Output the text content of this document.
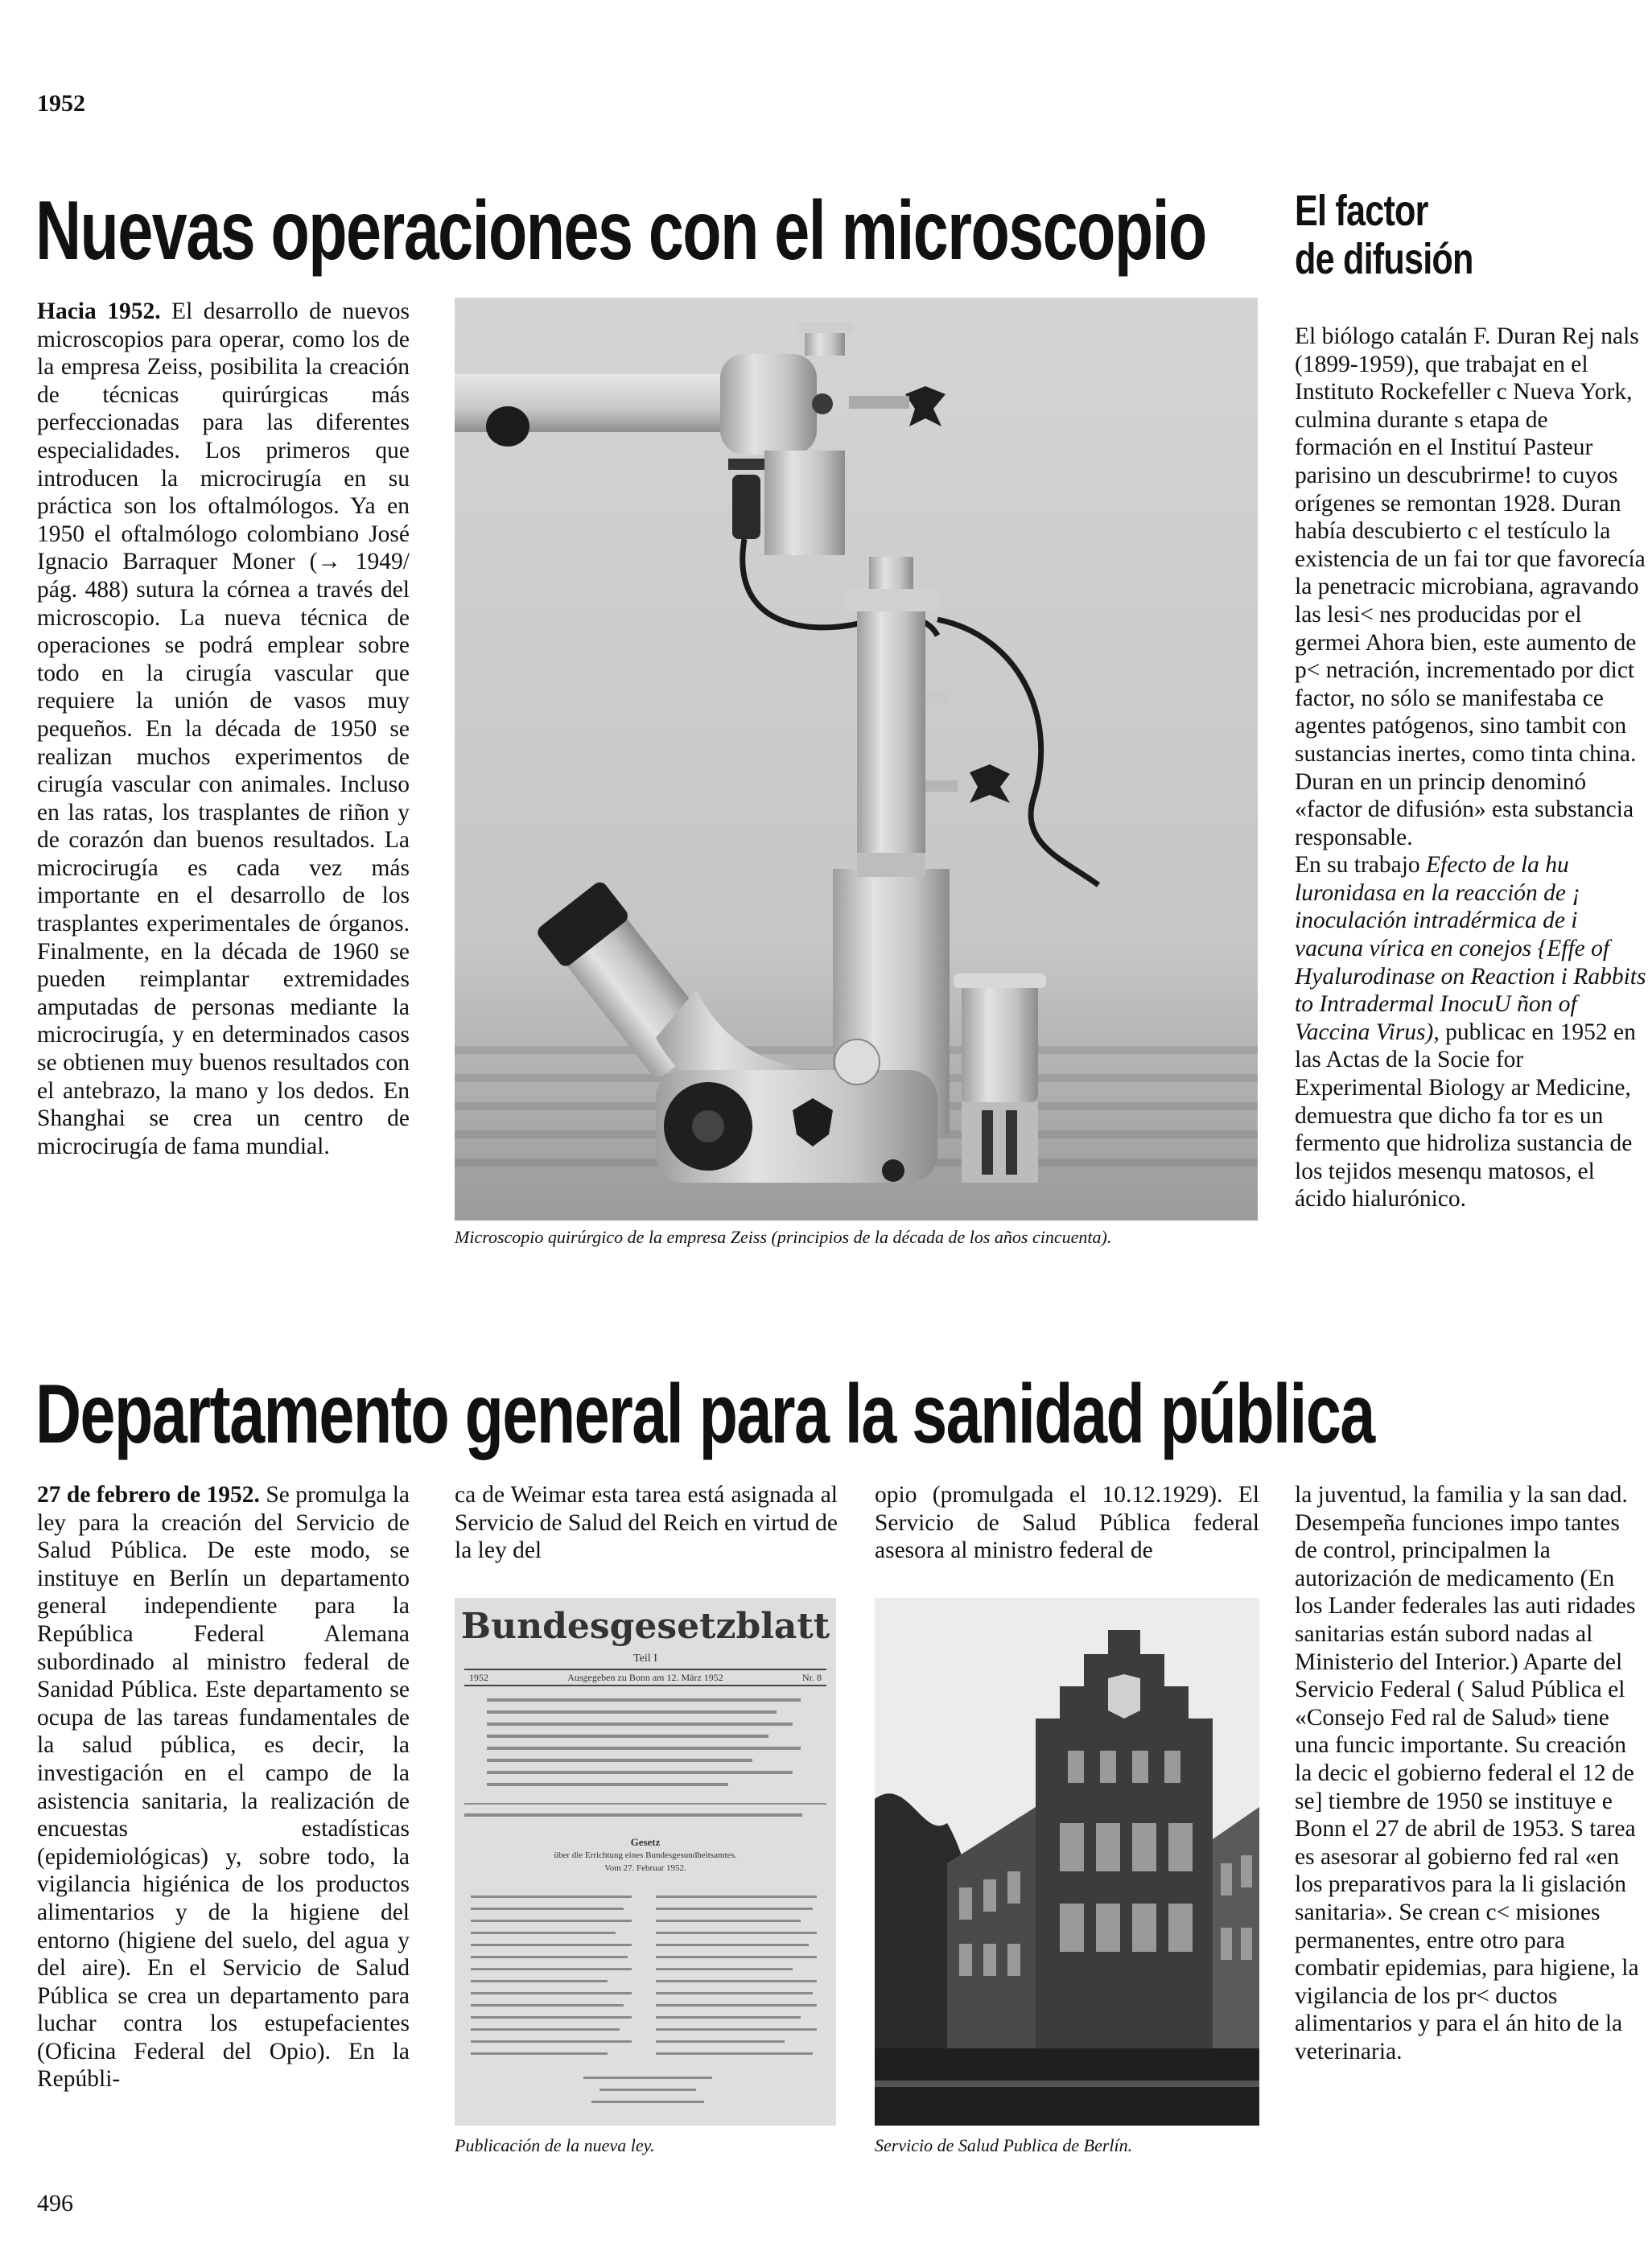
1952
Nuevas operaciones con el microscopio

Hacia 1952. El desarrollo de nuevos microscopios para operar, como los de la empresa Zeiss, posibilita la creación de técnicas quirúrgicas más perfeccionadas para las diferentes especialidades. Los primeros que introducen la microcirugía en su práctica son los oftalmólogos. Ya en 1950 el oftalmólogo colombiano José Ignacio Barraquer Moner (→ 1949/ pág. 488) sutura la córnea a través del microscopio. La nueva técnica de operaciones se podrá emplear sobre todo en la cirugía vascular que requiere la unión de vasos muy pequeños. En la década de 1950 se realizan muchos experimentos de cirugía vascular con animales. Incluso en las ratas, los trasplantes de riñon y de corazón dan buenos resultados. La microcirugía es cada vez más importante en el desarrollo de los trasplantes experimentales de órganos. Finalmente, en la década de 1960 se pueden reimplantar extremidades amputadas de personas mediante la microcirugía, y en determinados casos se obtienen muy buenos resultados con el antebrazo, la mano y los dedos. En Shanghai se crea un centro de microcirugía de fama mundial.

Microscopio quirúrgico de la empresa Zeiss (principios de la década de los años cincuenta).
El factor
de difusión

El biólogo catalán F. Duran Rej nals (1899-1959), que trabajat en el Instituto Rockefeller c Nueva York, culmina durante s etapa de formación en el Instituí Pasteur parisino un descubrirme! to cuyos orígenes se remontan 1928. Duran había descubierto c el testículo la existencia de un fai tor que favorecía la penetracic microbiana, agravando las lesi< nes producidas por el germei Ahora bien, este aumento de p< netración, incrementado por dict factor, no sólo se manifestaba ce agentes patógenos, sino tambit con sustancias inertes, como tinta china. Duran en un princip denominó «factor de difusión» esta substancia responsable.

En su trabajo Efecto de la hu luronidasa en la reacción de ¡ inoculación intradérmica de i vacuna vírica en conejos {Effe of Hyalurodinase on Reaction i Rabbits to Intradermal InocuU ñon of Vaccina Virus), publicac en 1952 en las Actas de la Socie for Experimental Biology ar Medicine, demuestra que dicho fa tor es un fermento que hidroliza sustancia de los tejidos mesenqu matosos, el ácido hialurónico.

Departamento general para la sanidad pública

27 de febrero de 1952. Se promulga la ley para la creación del Servicio de Salud Pública. De este modo, se instituye en Berlín un departamento general independiente para la República Federal Alemana subordinado al ministro federal de Sanidad Pública. Este departamento se ocupa de las tareas fundamentales de la salud pública, es decir, la investigación en el campo de la asistencia sanitaria, la realización de encuestas estadísticas (epidemiológicas) y, sobre todo, la vigilancia higiénica de los productos alimentarios y de la higiene del entorno (higiene del suelo, del agua y del aire). En el Servicio de Salud Pública se crea un departamento para luchar contra los estupefacientes (Oficina Federal del Opio). En la Repúbli-

ca de Weimar esta tarea está asignada al Servicio de Salud del Reich en virtud de la ley del

opio (promulgada el 10.12.1929). El Servicio de Salud Pública federal asesora al ministro federal de

la juventud, la familia y la san dad. Desempeña funciones impo tantes de control, principalmen la autorización de medicamento (En los Lander federales las auti ridades sanitarias están subord nadas al Ministerio del Interior.) Aparte del Servicio Federal ( Salud Pública el «Consejo Fed ral de Salud» tiene una funcic importante. Su creación la decic el gobierno federal el 12 de se] tiembre de 1950 se instituye e Bonn el 27 de abril de 1953. S tarea es asesorar al gobierno fed ral «en los preparativos para la li gislación sanitaria». Se crean c< misiones permanentes, entre otro para combatir epidemias, para higiene, la vigilancia de los pr< ductos alimentarios y para el án hito de la veterinaria.

Bundesgesetzblatt
Teil I
1952	Ausgegeben zu Bonn am 12. März 1952	Nr. 8
Gesetz
über die Errichtung eines Bundesgesundheitsamtes.
Vom 27. Februar 1952.
Publicación de la nueva ley.	Servicio de Salud Publica de Berlín.
496
